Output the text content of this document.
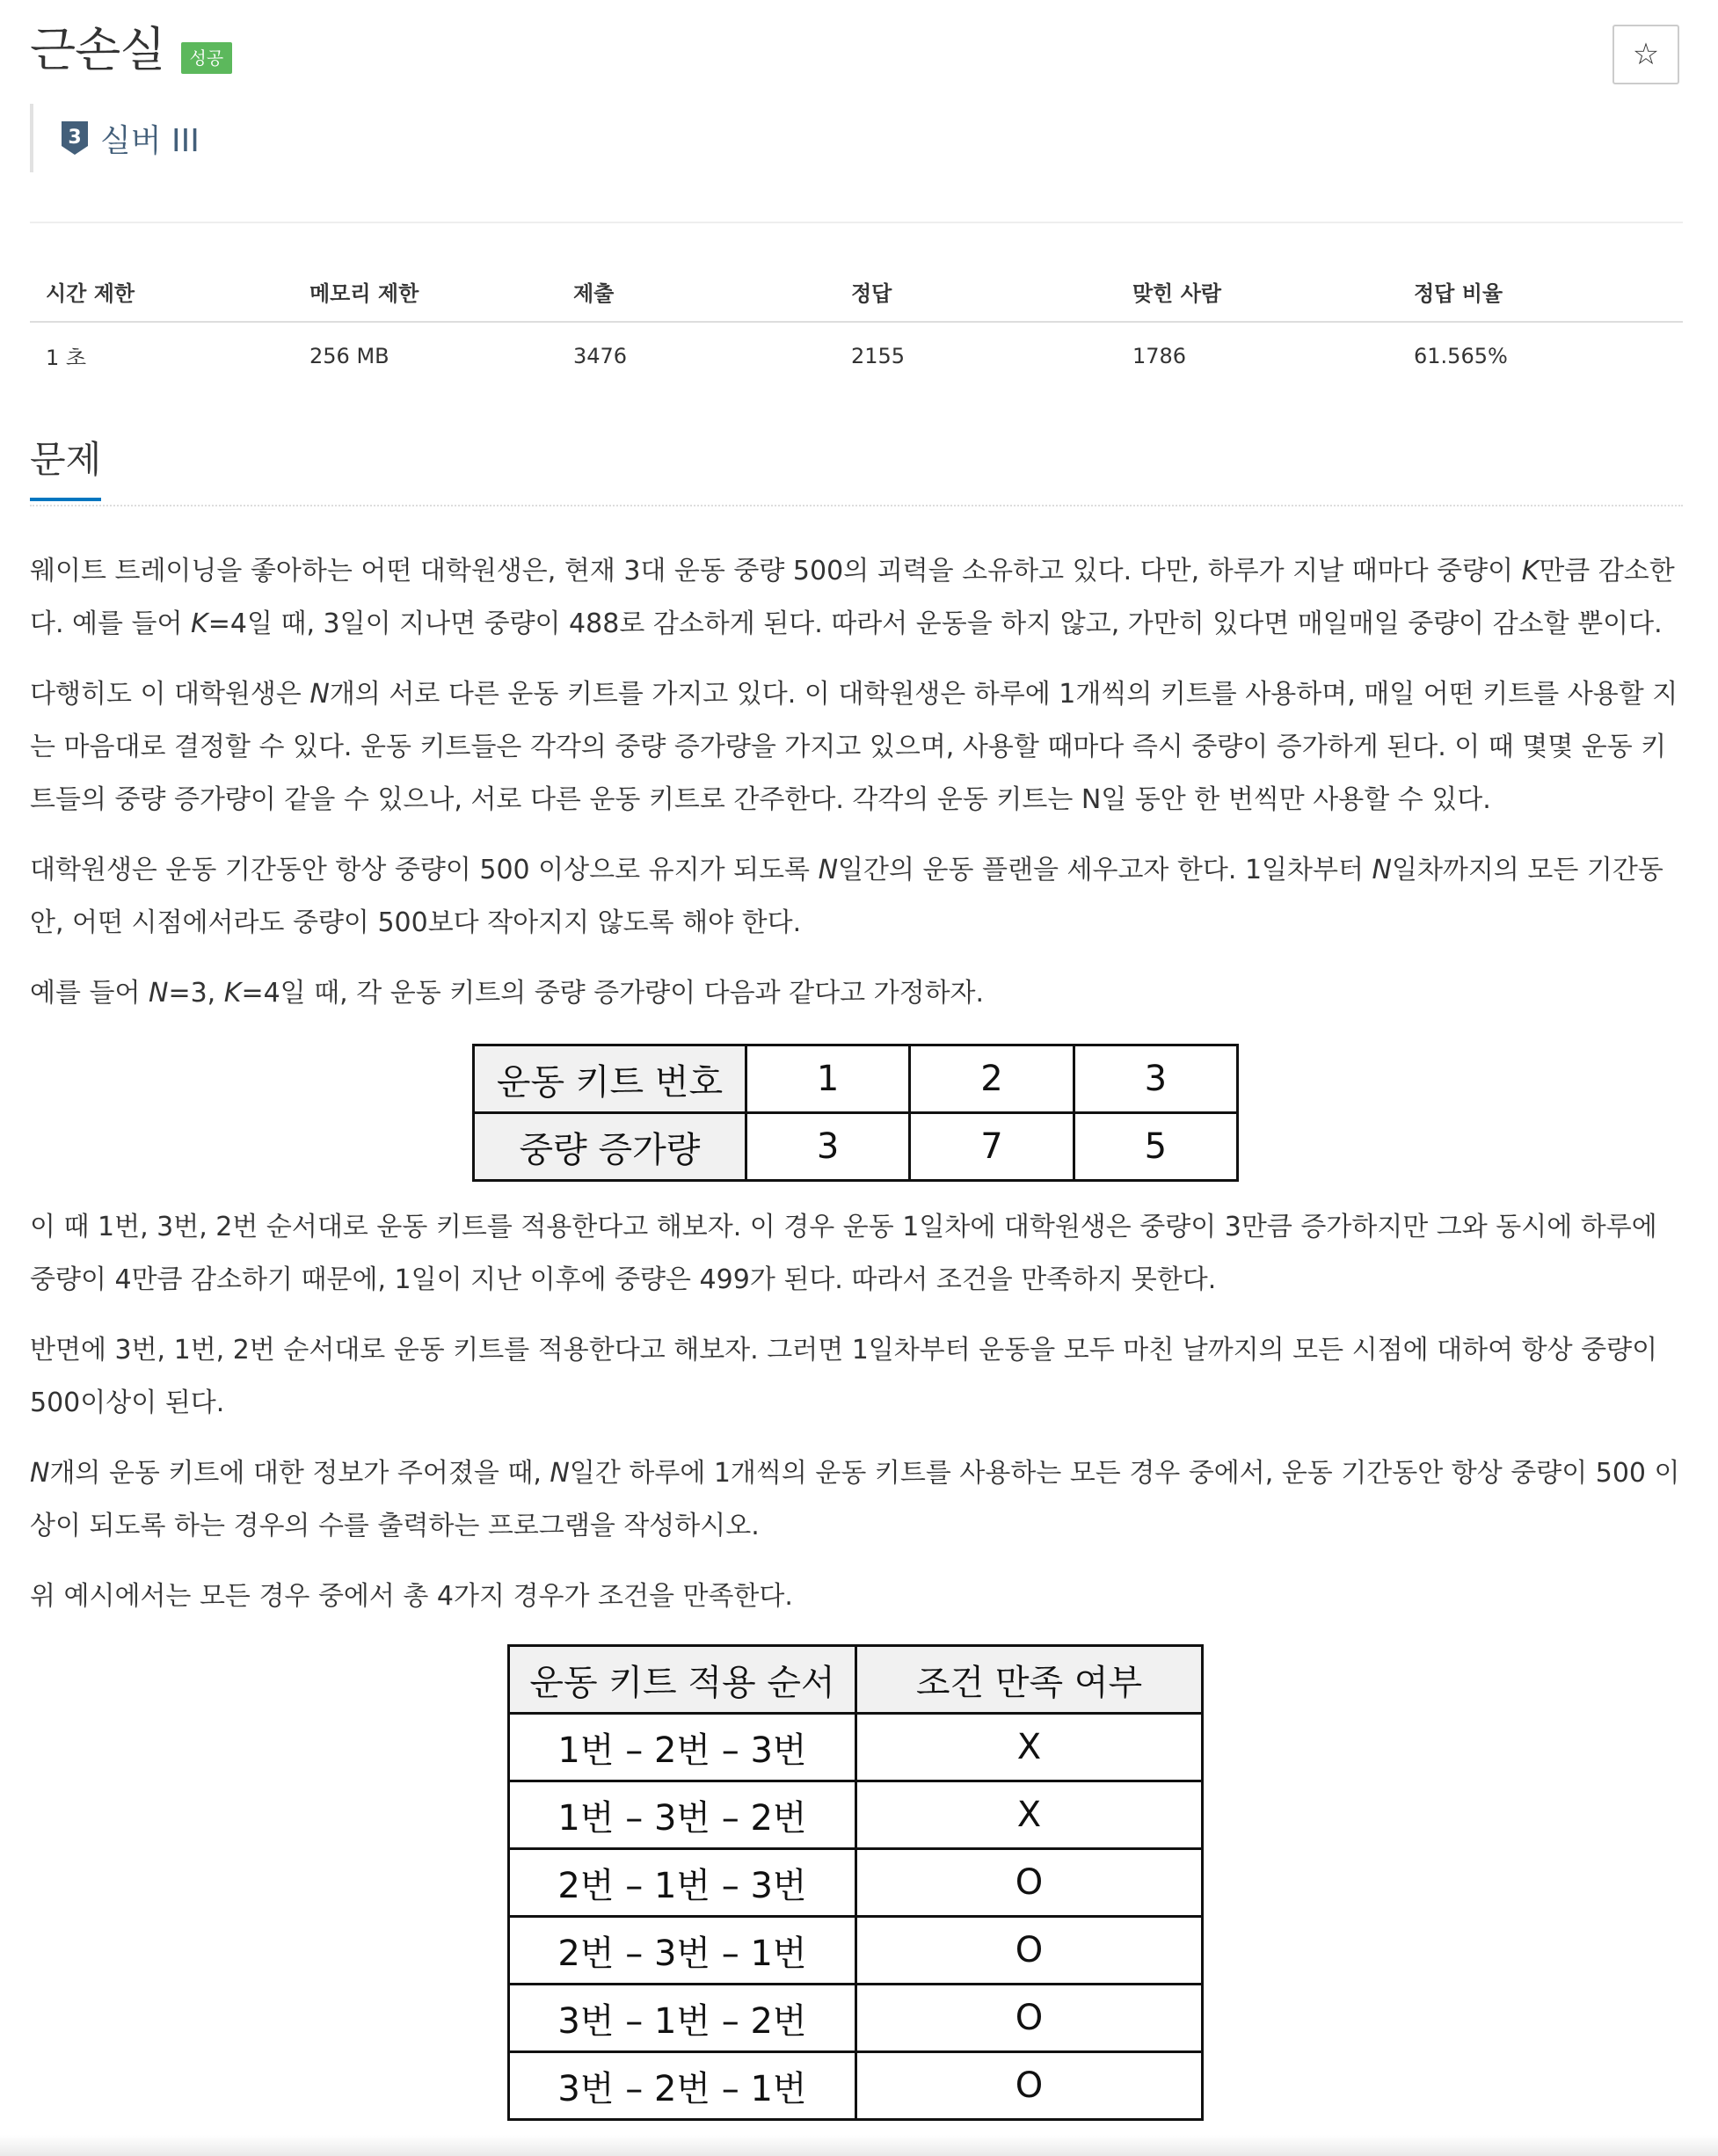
근손실	성공	☆
3 실버 III
시간 제한	메모리 제한	제출	정답	맞힌 사람	정답 비율
1 초	256 MB	3476	2155	1786	61.565%
문제

웨이트 트레이닝을 좋아하는 어떤 대학원생은, 현재 3대 운동 중량 500의 괴력을 소유하고 있다. 다만, 하루가 지날 때마다 중량이 K만큼 감소한다. 예를 들어 K=4일 때, 3일이 지나면 중량이 488로 감소하게 된다. 따라서 운동을 하지 않고, 가만히 있다면 매일매일 중량이 감소할 뿐이다.

다행히도 이 대학원생은 N개의 서로 다른 운동 키트를 가지고 있다. 이 대학원생은 하루에 1개씩의 키트를 사용하며, 매일 어떤 키트를 사용할 지는 마음대로 결정할 수 있다. 운동 키트들은 각각의 중량 증가량을 가지고 있으며, 사용할 때마다 즉시 중량이 증가하게 된다. 이 때 몇몇 운동 키트들의 중량 증가량이 같을 수 있으나, 서로 다른 운동 키트로 간주한다. 각각의 운동 키트는 N일 동안 한 번씩만 사용할 수 있다.

대학원생은 운동 기간동안 항상 중량이 500 이상으로 유지가 되도록 N일간의 운동 플랜을 세우고자 한다. 1일차부터 N일차까지의 모든 기간동안, 어떤 시점에서라도 중량이 500보다 작아지지 않도록 해야 한다.

예를 들어 N=3, K=4일 때, 각 운동 키트의 중량 증가량이 다음과 같다고 가정하자.

운동 키트 번호	1	2	3
중량 증가량	3	7	5

이 때 1번, 3번, 2번 순서대로 운동 키트를 적용한다고 해보자. 이 경우 운동 1일차에 대학원생은 중량이 3만큼 증가하지만 그와 동시에 하루에 중량이 4만큼 감소하기 때문에, 1일이 지난 이후에 중량은 499가 된다. 따라서 조건을 만족하지 못한다.

반면에 3번, 1번, 2번 순서대로 운동 키트를 적용한다고 해보자. 그러면 1일차부터 운동을 모두 마친 날까지의 모든 시점에 대하여 항상 중량이 500이상이 된다.

N개의 운동 키트에 대한 정보가 주어졌을 때, N일간 하루에 1개씩의 운동 키트를 사용하는 모든 경우 중에서, 운동 기간동안 항상 중량이 500 이상이 되도록 하는 경우의 수를 출력하는 프로그램을 작성하시오.

위 예시에서는 모든 경우 중에서 총 4가지 경우가 조건을 만족한다.

운동 키트 적용 순서	조건 만족 여부
1번 – 2번 – 3번	X
1번 – 3번 – 2번	X
2번 – 1번 – 3번	O
2번 – 3번 – 1번	O
3번 – 1번 – 2번	O
3번 – 2번 – 1번	O
